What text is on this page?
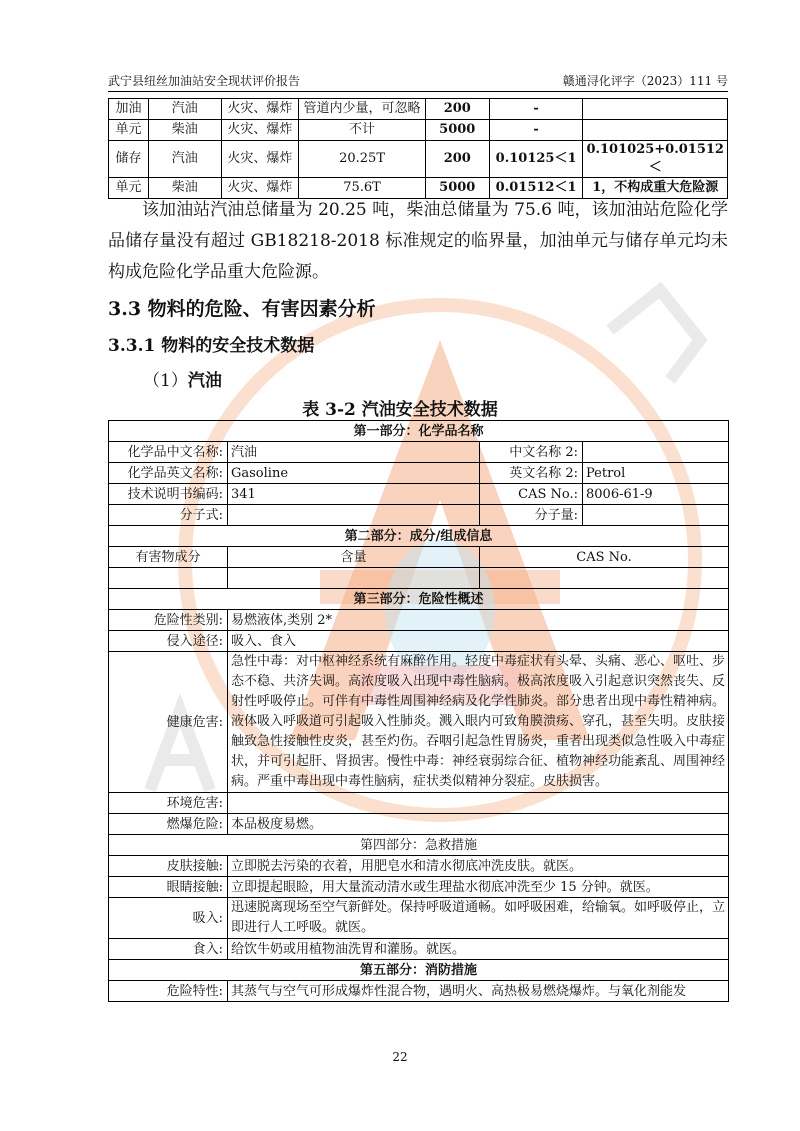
武宁县纽丝加油站安全现状评价报告	赣通浔化评字（2023）111 号
加油	汽油	火灾、爆炸	管道内少量，可忽略	200	-	
单元	柴油	火灾、爆炸	不计	5000	-	
储存	汽油	火灾、爆炸	20.25T	200	0.10125＜1	0.101025+0.01512＜
单元	柴油	火灾、爆炸	75.6T	5000	0.01512＜1	1，不构成重大危险源

该加油站汽油总储量为 20.25 吨，柴油总储量为 75.6 吨，该加油站危险化学品储存量没有超过 GB18218-2018 标准规定的临界量，加油单元与储存单元均未构成危险化学品重大危险源。

3.3 物料的危险、有害因素分析
3.3.1 物料的安全技术数据
（1）汽油
表 3-2 汽油安全技术数据
第一部分：化学品名称			
化学品中文名称:	汽油	中文名称 2:	
化学品英文名称:	Gasoline	英文名称 2:	Petrol
技术说明书编码:	341	CAS No.:	8006-61-9
分子式:		分子量:	
第二部分：成分/组成信息			
有害物成分	含量	CAS No.	

第三部分：危险性概述			
危险性类别:	易燃液体,类别 2*		
侵入途径:	吸入、食入		
健康危害:	急性中毒：对中枢神经系统有麻醉作用。轻度中毒症状有头晕、头痛、恶心、呕吐、步态不稳、共济失调。高浓度吸入出现中毒性脑病。极高浓度吸入引起意识突然丧失、反射性呼吸停止。可伴有中毒性周围神经病及化学性肺炎。部分患者出现中毒性精神病。液体吸入呼吸道可引起吸入性肺炎。溅入眼内可致角膜溃疡、穿孔，甚至失明。皮肤接触致急性接触性皮炎，甚至灼伤。吞咽引起急性胃肠炎，重者出现类似急性吸入中毒症状，并可引起肝、肾损害。慢性中毒：神经衰弱综合征、植物神经功能紊乱、周围神经病。严重中毒出现中毒性脑病，症状类似精神分裂症。皮肤损害。		
环境危害:			
燃爆危险:	本品极度易燃。		
第四部分：急救措施			
皮肤接触:	立即脱去污染的衣着，用肥皂水和清水彻底冲洗皮肤。就医。		
眼睛接触:	立即提起眼睑，用大量流动清水或生理盐水彻底冲洗至少 15 分钟。就医。		
吸入:	迅速脱离现场至空气新鲜处。保持呼吸道通畅。如呼吸困难，给输氧。如呼吸停止，立即进行人工呼吸。就医。		
食入:	给饮牛奶或用植物油洗胃和灌肠。就医。		
第五部分：消防措施			
危险特性:	其蒸气与空气可形成爆炸性混合物，遇明火、高热极易燃烧爆炸。与氧化剂能发		
22
